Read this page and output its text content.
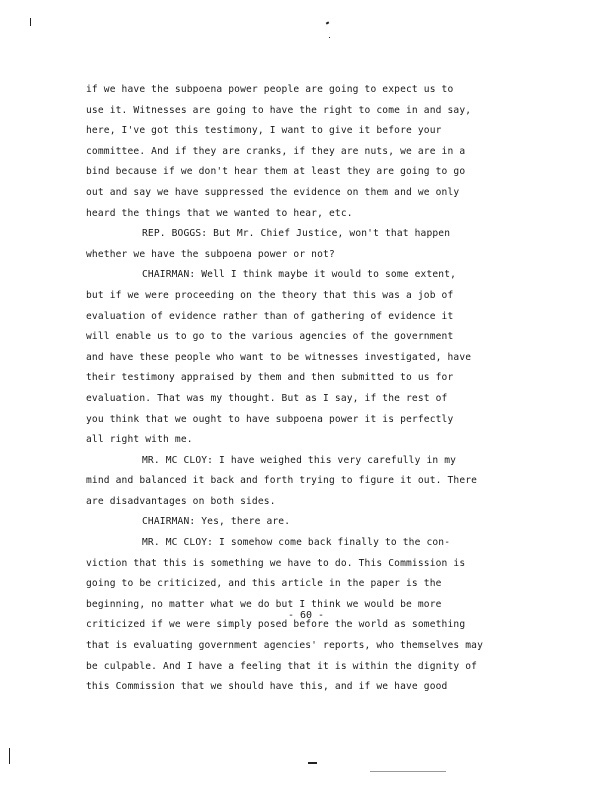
if we have the subpoena power people are going to expect us to
use it. Witnesses are going to have the right to come in and say,
here, I've got this testimony, I want to give it before your
committee. And if they are cranks, if they are nuts, we are in a
bind because if we don't hear them at least they are going to go
out and say we have suppressed the evidence on them and we only
heard the things that we wanted to hear, etc.
REP. BOGGS: But Mr. Chief Justice, won't that happen
whether we have the subpoena power or not?
CHAIRMAN: Well I think maybe it would to some extent,
but if we were proceeding on the theory that this was a job of
evaluation of evidence rather than of gathering of evidence it
will enable us to go to the various agencies of the government
and have these people who want to be witnesses investigated, have
their testimony appraised by them and then submitted to us for
evaluation. That was my thought. But as I say, if the rest of
you think that we ought to have subpoena power it is perfectly
all right with me.
MR. MC CLOY: I have weighed this very carefully in my
mind and balanced it back and forth trying to figure it out. There
are disadvantages on both sides.
CHAIRMAN: Yes, there are.
MR. MC CLOY: I somehow come back finally to the con-
viction that this is something we have to do. This Commission is
going to be criticized, and this article in the paper is the
beginning, no matter what we do but I think we would be more
criticized if we were simply posed before the world as something
that is evaluating government agencies' reports, who themselves may
be culpable. And I have a feeling that it is within the dignity of
this Commission that we should have this, and if we have good
- 60 -
